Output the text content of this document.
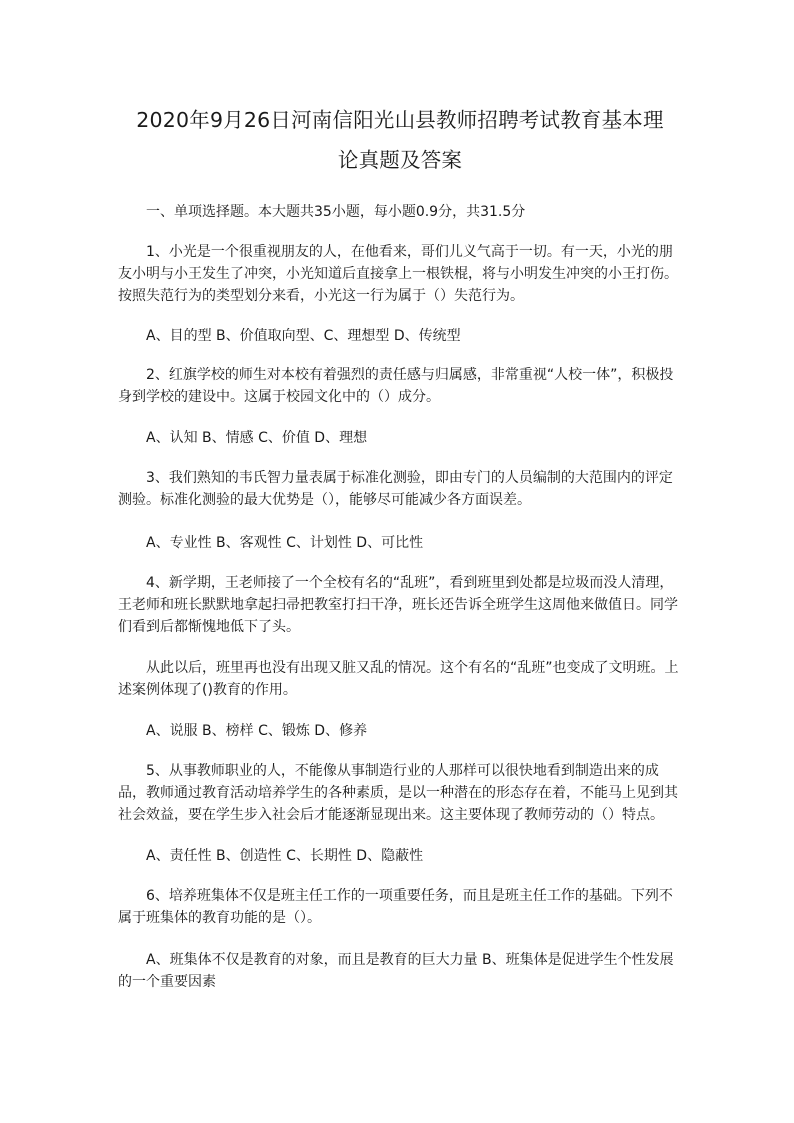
2020年9月26日河南信阳光山县教师招聘考试教育基本理
论真题及答案

一、单项选择题。本大题共35小题，每小题0.9分，共31.5分

1、小光是一个很重视朋友的人，在他看来，哥们儿义气高于一切。有一天，小光的朋友小明与小王发生了冲突，小光知道后直接拿上一根铁棍，将与小明发生冲突的小王打伤。按照失范行为的类型划分来看，小光这一行为属于（）失范行为。

A、目的型 B、价值取向型、C、理想型 D、传统型

2、红旗学校的师生对本校有着强烈的责任感与归属感，非常重视“人校一体”，积极投身到学校的建设中。这属于校园文化中的（）成分。

A、认知 B、情感 C、价值 D、理想

3、我们熟知的韦氏智力量表属于标准化测验，即由专门的人员编制的大范围内的评定测验。标准化测验的最大优势是（），能够尽可能减少各方面误差。

A、专业性 B、客观性 C、计划性 D、可比性

4、新学期，王老师接了一个全校有名的“乱班”，看到班里到处都是垃圾而没人清理，王老师和班长默默地拿起扫帚把教室打扫干净，班长还告诉全班学生这周他来做值日。同学们看到后都惭愧地低下了头。

从此以后，班里再也没有出现又脏又乱的情况。这个有名的“乱班”也变成了文明班。上述案例体现了()教育的作用。

A、说服 B、榜样 C、锻炼 D、修养

5、从事教师职业的人，不能像从事制造行业的人那样可以很快地看到制造出来的成品，教师通过教育活动培养学生的各种素质，是以一种潜在的形态存在着，不能马上见到其社会效益，要在学生步入社会后才能逐渐显现出来。这主要体现了教师劳动的（）特点。

A、责任性 B、创造性 C、长期性 D、隐蔽性

6、培养班集体不仅是班主任工作的一项重要任务，而且是班主任工作的基础。下列不属于班集体的教育功能的是（）。

A、班集体不仅是教育的对象，而且是教育的巨大力量 B、班集体是促进学生个性发展的一个重要因素
